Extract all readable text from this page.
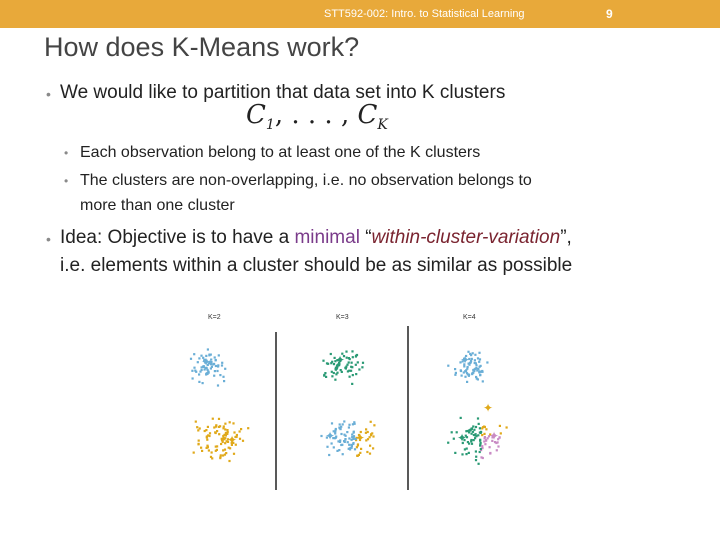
STT592-002: Intro. to Statistical Learning	9
How does K-Means work?
• We would like to partition that data set into K clusters
$C_1$, . . . , $C_K$
• Each observation belong to at least one of the K clusters
• The clusters are non-overlapping, i.e. no observation belongs to
more than one cluster
• Idea: Objective is to have a minimal “within-cluster-variation”,
i.e. elements within a cluster should be as similar as possible
K=2	K=3	K=4
✦
✦
✦
✦ ✦
✦
✦ ✦
✦
